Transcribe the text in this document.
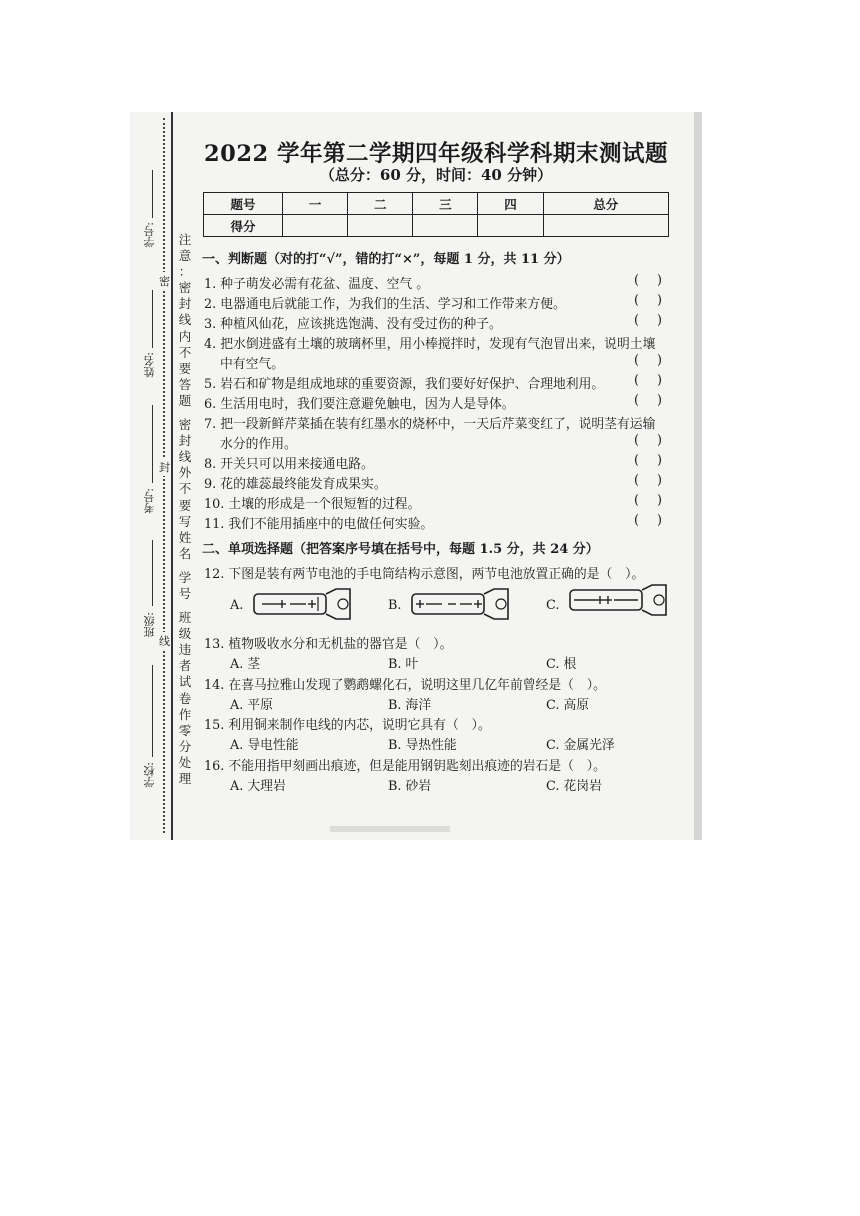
学号:
姓名:
考号:
班级:
学校:
密
封
线
注
意
：
密
封
线
内
不
要
答
题
密
封
线
外
不
要
写
姓
名
学
号
班
级
违
者
试
卷
作
零
分
处
理
2022 学年第二学期四年级科学科期末测试题
（总分：60 分，时间：40 分钟）
题号	一	二	三	四	总分
得分					
一、判断题（对的打“√”，错的打“×”，每题 1 分，共 11 分）
1. 种子萌发必需有花盆、温度、空气 。	( )
2. 电器通电后就能工作，为我们的生活、学习和工作带来方便。	( )
3. 种植风仙花，应该挑选饱满、没有受过伤的种子。	( )
4. 把水倒进盛有土壤的玻璃杯里，用小棒搅拌时，发现有气泡冒出来，说明土壤
中有空气。	( )
5. 岩石和矿物是组成地球的重要资源，我们要好好保护、合理地利用。 ( )
6. 生活用电时，我们要注意避免触电，因为人是导体。	( )
7. 把一段新鲜芹菜插在装有红墨水的烧杯中，一天后芹菜变红了，说明茎有运输
水分的作用。	( )
8. 开关只可以用来接通电路。	( )
9. 花的雄蕊最终能发育成果实。	( )
10. 土壤的形成是一个很短暂的过程。	( )
11. 我们不能用插座中的电做任何实验。	( )
二、单项选择题（把答案序号填在括号中，每题 1.5 分，共 24 分）
12. 下图是装有两节电池的手电筒结构示意图，两节电池放置正确的是（　）。
A.	B.	C.
13. 植物吸收水分和无机盐的器官是（　）。
A. 茎	B. 叶	C. 根
14. 在喜马拉雅山发现了鹦鹉螺化石，说明这里几亿年前曾经是（　）。
A. 平原	B. 海洋	C. 高原
15. 利用铜来制作电线的内芯，说明它具有（　）。
A. 导电性能	B. 导热性能	C. 金属光泽
16. 不能用指甲刻画出痕迹，但是能用钢钥匙刻出痕迹的岩石是（　）。
A. 大理岩	B. 砂岩	C. 花岗岩
